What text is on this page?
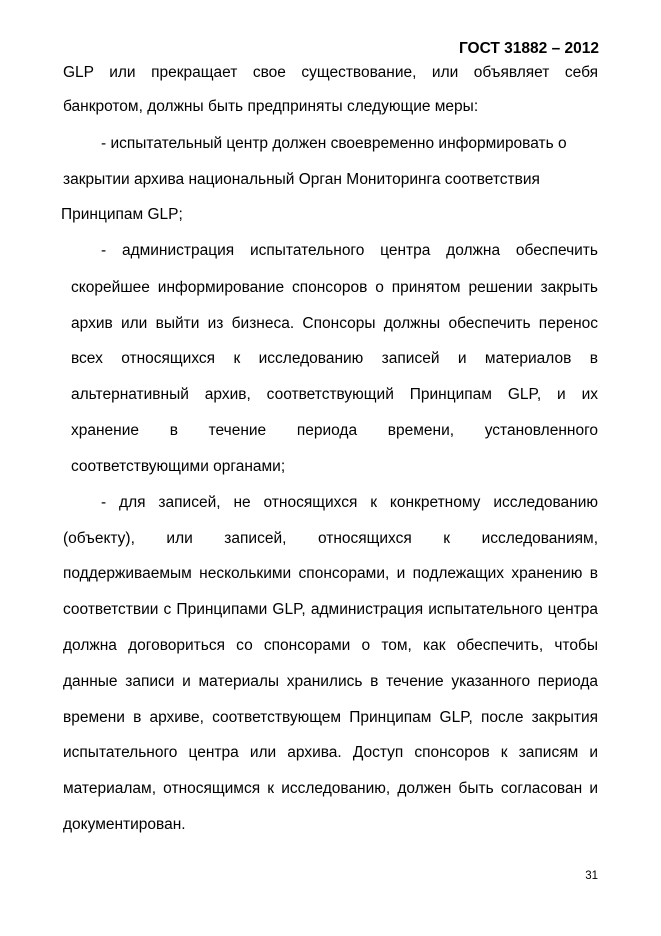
ГОСТ 31882 – 2012
GLP или прекращает свое существование, или объявляет себя
банкротом, должны быть предприняты следующие меры:
- испытательный центр должен своевременно информировать о
закрытии архива национальный Орган Мониторинга соответствия
Принципам GLP;
- администрация испытательного центра должна обеспечить
скорейшее информирование спонсоров о принятом решении закрыть
архив или выйти из бизнеса. Спонсоры должны обеспечить перенос
всех относящихся к исследованию записей и материалов в
альтернативный архив, соответствующий Принципам GLP, и их
хранение в течение периода времени, установленного
соответствующими органами;
- для записей, не относящихся к конкретному исследованию
(объекту), или записей, относящихся к исследованиям,
поддерживаемым несколькими спонсорами, и подлежащих хранению в
соответствии с Принципами GLP, администрация испытательного центра
должна договориться со спонсорами о том, как обеспечить, чтобы
данные записи и материалы хранились в течение указанного периода
времени в архиве, соответствующем Принципам GLP, после закрытия
испытательного центра или архива. Доступ спонсоров к записям и
материалам, относящимся к исследованию, должен быть согласован и
документирован.
31
